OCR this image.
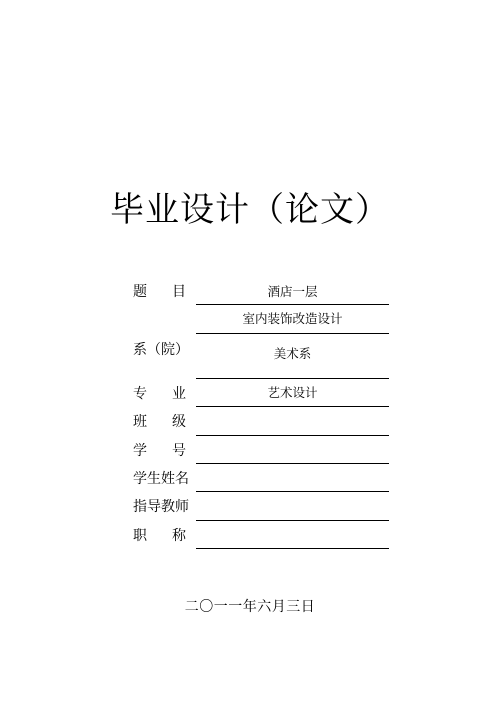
毕业设计（论文）
题　目	酒店一层
室内装饰改造设计
系（院）	美术系
专　业	艺术设计
班　级
学　号
学生姓名
指导教师
职　称
二〇一一年六月三日
